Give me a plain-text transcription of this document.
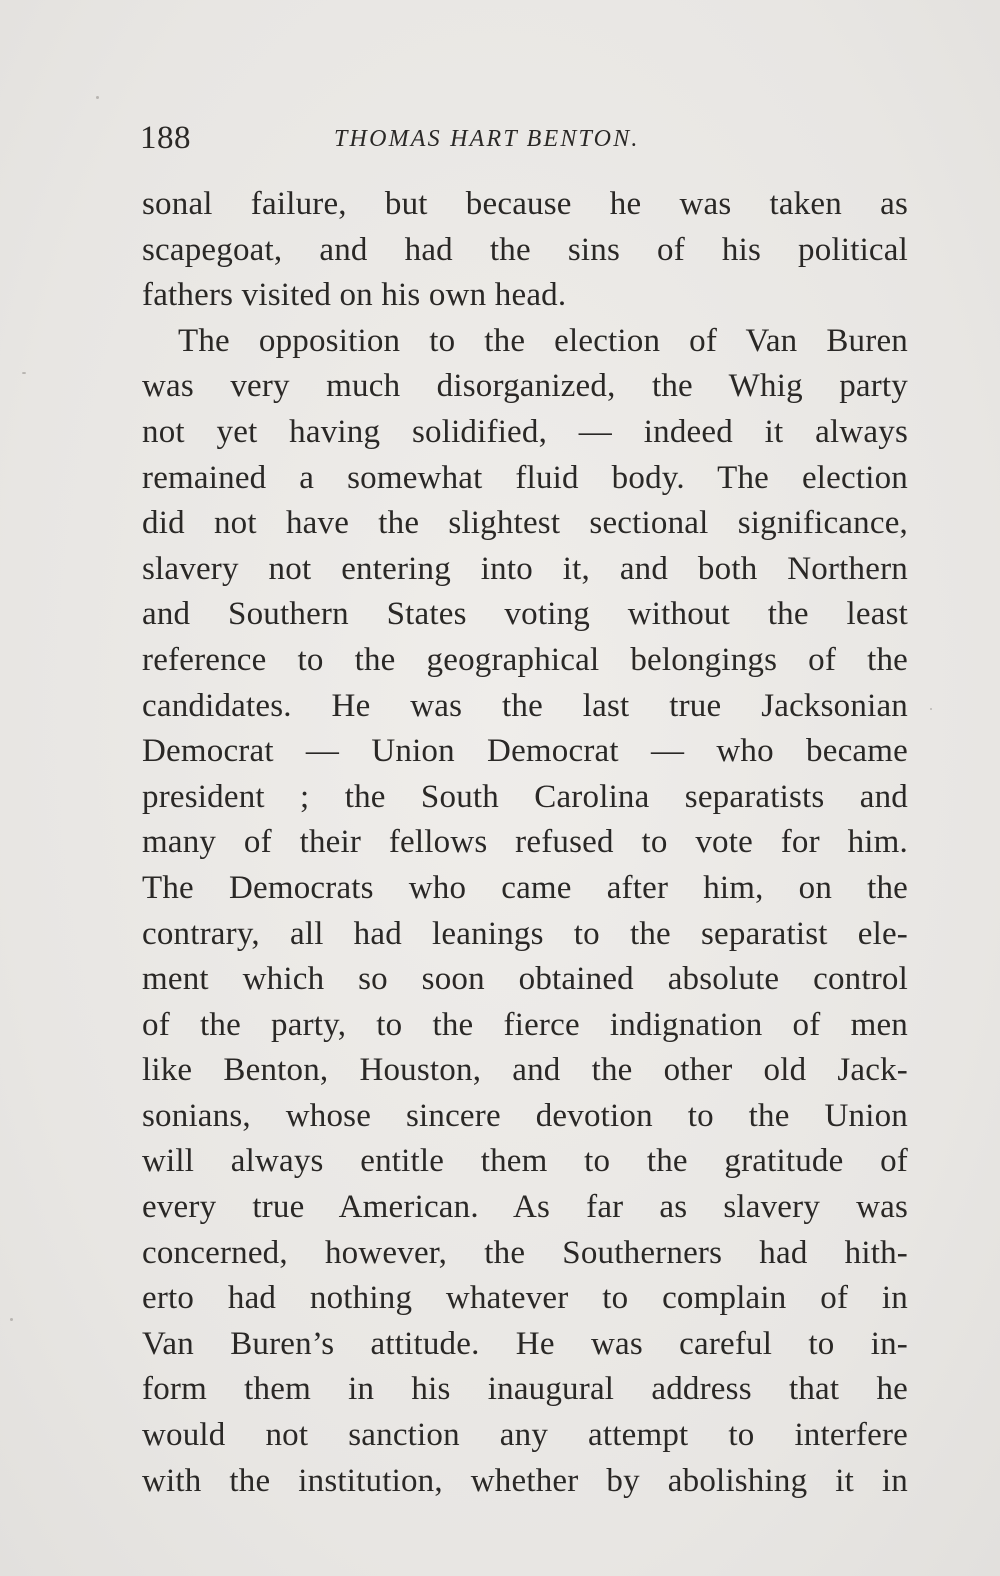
188	THOMAS HART BENTON.
sonal failure, but because he was taken as
scapegoat, and had the sins of his political
fathers visited on his own head.
The opposition to the election of Van Buren
was very much disorganized, the Whig party
not yet having solidified, — indeed it always
remained a somewhat fluid body. The election
did not have the slightest sectional significance,
slavery not entering into it, and both Northern
and Southern States voting without the least
reference to the geographical belongings of the
candidates. He was the last true Jacksonian
Democrat — Union Democrat — who became
president ; the South Carolina separatists and
many of their fellows refused to vote for him.
The Democrats who came after him, on the
contrary, all had leanings to the separatist ele-
ment which so soon obtained absolute control
of the party, to the fierce indignation of men
like Benton, Houston, and the other old Jack-
sonians, whose sincere devotion to the Union
will always entitle them to the gratitude of
every true American. As far as slavery was
concerned, however, the Southerners had hith-
erto had nothing whatever to complain of in
Van Buren’s attitude. He was careful to in-
form them in his inaugural address that he
would not sanction any attempt to interfere
with the institution, whether by abolishing it in
